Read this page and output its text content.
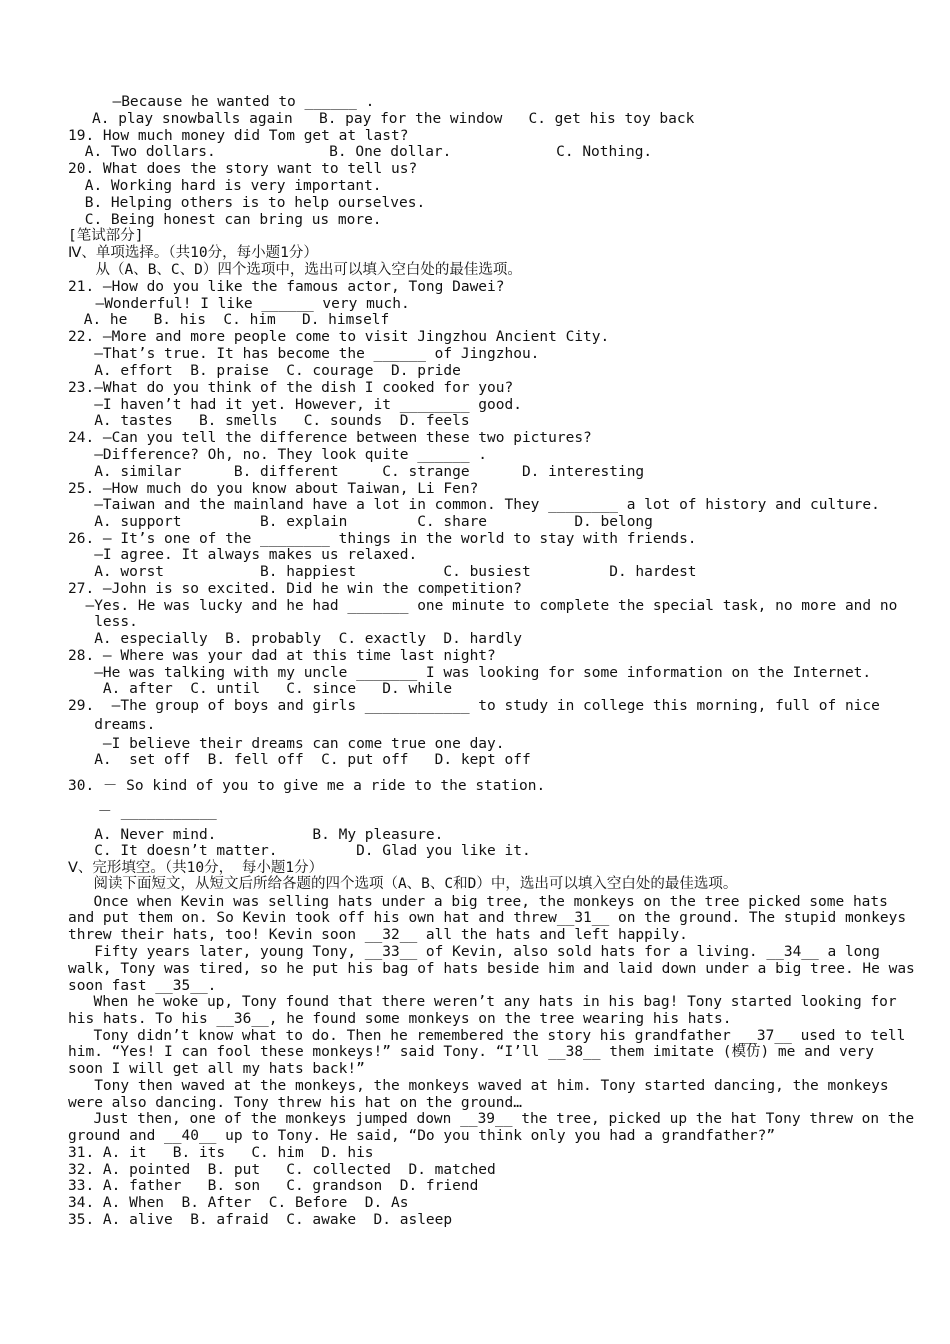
—Because he wanted to ______ .
A. play snowballs again   B. pay for the window   C. get his toy back
19. How much money did Tom get at last?
A. Two dollars.             B. One dollar.            C. Nothing.
20. What does the story want to tell us?
A. Working hard is very important.
B. Helping others is to help ourselves.
C. Being honest can bring us more.
[笔试部分]
Ⅳ、单项选择。（共10分，每小题1分）
从（A、B、C、D）四个选项中，选出可以填入空白处的最佳选项。
21. —How do you like the famous actor, Tong Dawei?
—Wonderful! I like ______ very much.
A. he   B. his  C. him   D. himself
22. —More and more people come to visit Jingzhou Ancient City.
—That’s true. It has become the ______ of Jingzhou.
A. effort  B. praise  C. courage  D. pride
23.—What do you think of the dish I cooked for you?
—I haven’t had it yet. However, it ________ good.
A. tastes   B. smells   C. sounds  D. feels
24. —Can you tell the difference between these two pictures?
—Difference? Oh, no. They look quite ______ .
A. similar      B. different     C. strange      D. interesting
25. —How much do you know about Taiwan, Li Fen?
—Taiwan and the mainland have a lot in common. They ________ a lot of history and culture.
A. support         B. explain        C. share          D. belong
26. — It’s one of the ________ things in the world to stay with friends.
—I agree. It always makes us relaxed.
A. worst           B. happiest          C. busiest         D. hardest
27. —John is so excited. Did he win the competition?
—Yes. He was lucky and he had _______ one minute to complete the special task, no more and no
less.
A. especially  B. probably  C. exactly  D. hardly
28. — Where was your dad at this time last night?
—He was talking with my uncle _______ I was looking for some information on the Internet.
A. after  C. until   C. since   D. while
29.  —The group of boys and girls ____________ to study in college this morning, full of nice
dreams.
—I believe their dreams can come true one day.
A.  set off  B. fell off  C. put off   D. kept off
30. － So kind of you to give me a ride to the station.
－ ___________
A. Never mind.           B. My pleasure.
C. It doesn’t matter.         D. Glad you like it.
Ⅴ、完形填空。（共10分， 每小题1分）
阅读下面短文，从短文后所给各题的四个选项（A、B、C和D）中，选出可以填入空白处的最佳选项。
Once when Kevin was selling hats under a big tree, the monkeys on the tree picked some hats
and put them on. So Kevin took off his own hat and threw__31__ on the ground. The stupid monkeys
threw their hats, too! Kevin soon __32__ all the hats and left happily.
Fifty years later, young Tony, __33__ of Kevin, also sold hats for a living. __34__ a long
walk, Tony was tired, so he put his bag of hats beside him and laid down under a big tree. He was
soon fast __35__.
When he woke up, Tony found that there weren’t any hats in his bag! Tony started looking for
his hats. To his __36__, he found some monkeys on the tree wearing his hats.
Tony didn’t know what to do. Then he remembered the story his grandfather __37__ used to tell
him. “Yes! I can fool these monkeys!” said Tony. “I’ll __38__ them imitate (模仿) me and very
soon I will get all my hats back!”
Tony then waved at the monkeys, the monkeys waved at him. Tony started dancing, the monkeys
were also dancing. Tony threw his hat on the ground…
Just then, one of the monkeys jumped down __39__ the tree, picked up the hat Tony threw on the
ground and __40__ up to Tony. He said, “Do you think only you had a grandfather?”
31. A. it   B. its   C. him  D. his
32. A. pointed  B. put   C. collected  D. matched
33. A. father   B. son   C. grandson  D. friend
34. A. When  B. After  C. Before  D. As
35. A. alive  B. afraid  C. awake  D. asleep
